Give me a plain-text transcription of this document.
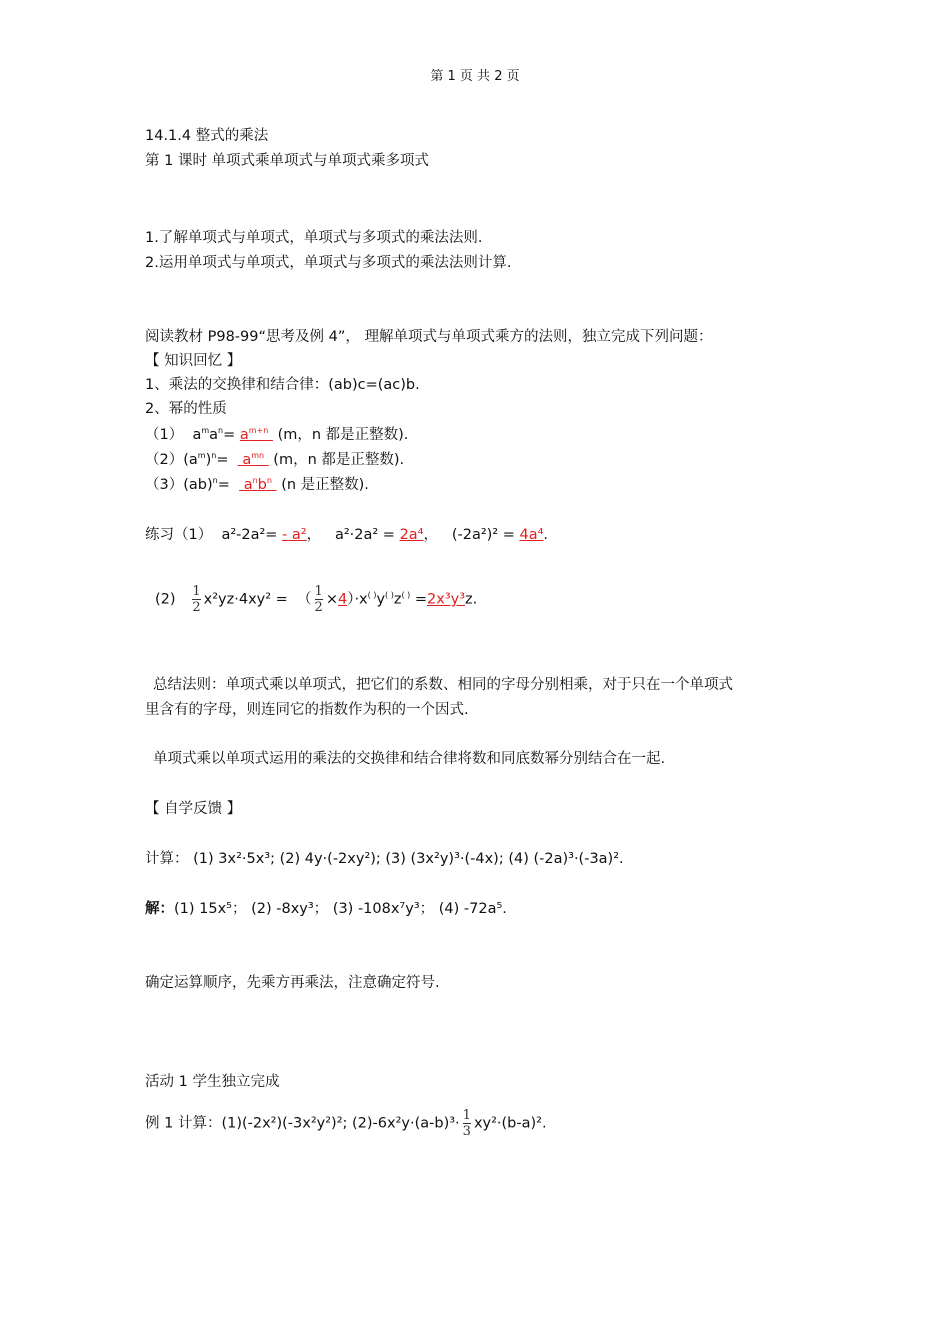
第 1 页 共 2 页
14.1.4 整式的乘法
第 1 课时 单项式乘单项式与单项式乘多项式
1.了解单项式与单项式，单项式与多项式的乘法法则.
2.运用单项式与单项式，单项式与多项式的乘法法则计算.
阅读教材 P98-99“思考及例 4”， 理解单项式与单项式乘方的法则，独立完成下列问题：
【 知识回忆 】
1、乘法的交换律和结合律：(ab)c=(ac)b.
2、幂的性质
（1） $a^ma^n= a^{m+n}$ (m，n 都是正整数).
$(2)(a^m)^n= a^{mn}$ (m，n 都是正整数).
$(3)(ab)^n= a^nb^n$ (n 是正整数).
练习（1） a²-2a²= - a²，   a²·2a² = 2a⁴，   (-2a²)² = 4a⁴.
$(2) \frac{1}{2} x^2yz\cdot 4xy^2$ = （ $\frac{1}{2} \times 4)\cdot x^{( )}y^{( )}z^{( )} =2x^3y^3z$.
总结法则：单项式乘以单项式，把它们的系数、相同的字母分别相乘，对于只在一个单项式
里含有的字母，则连同它的指数作为积的一个因式.
单项式乘以单项式运用的乘法的交换律和结合律将数和同底数幂分别结合在一起.
【 自学反馈 】
计算： (1) 3x²·5x³; (2) 4y·(-2xy²); (3) (3x²y)³·(-4x); (4) (-2a)³·(-3a)².
解：(1) 15x⁵； (2) -8xy³； (3) -108x⁷y³； (4) -72a⁵.
确定运算顺序，先乘方再乘法，注意确定符号.
活动 1 学生独立完成
例 1 计算：(1)(-2x²)(-3x²y²)²; $(2)-6x^2y\cdot(a-b)^3\cdot \frac{1}{3} xy^2\cdot(b-a)^2$.
